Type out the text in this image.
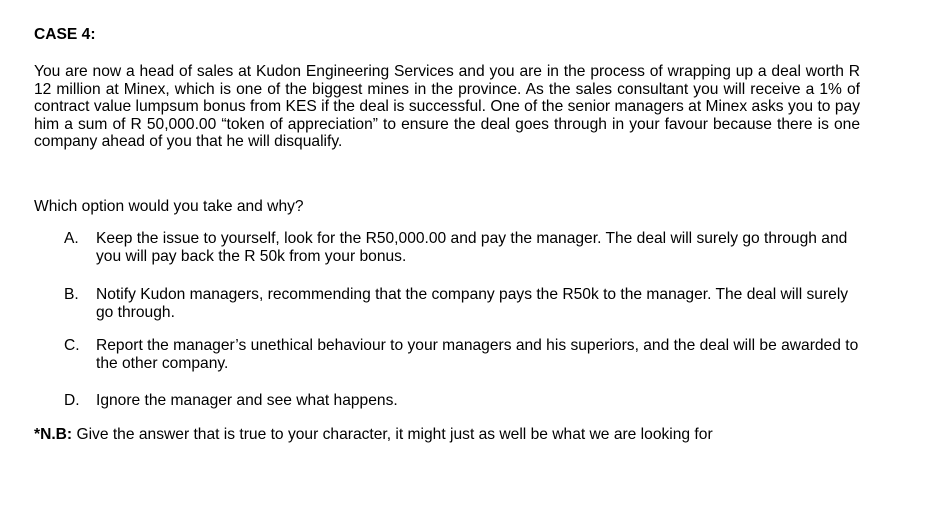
CASE 4:

You are now a head of sales at Kudon Engineering Services and you are in the process of wrapping up a deal worth R 12 million at Minex, which is one of the biggest mines in the province. As the sales consultant you will receive a 1% of contract value lumpsum bonus from KES if the deal is successful. One of the senior managers at Minex asks you to pay him a sum of R 50,000.00 “token of appreciation” to ensure the deal goes through in your favour because there is one company ahead of you that he will disqualify.

Which option would you take and why?

A. Keep the issue to yourself, look for the R50,000.00 and pay the manager. The deal will surely go through and you will pay back the R 50k from your bonus.

B. Notify Kudon managers, recommending that the company pays the R50k to the manager. The deal will surely go through.

C. Report the manager’s unethical behaviour to your managers and his superiors, and the deal will be awarded to the other company.

D. Ignore the manager and see what happens.

*N.B: Give the answer that is true to your character, it might just as well be what we are looking for
